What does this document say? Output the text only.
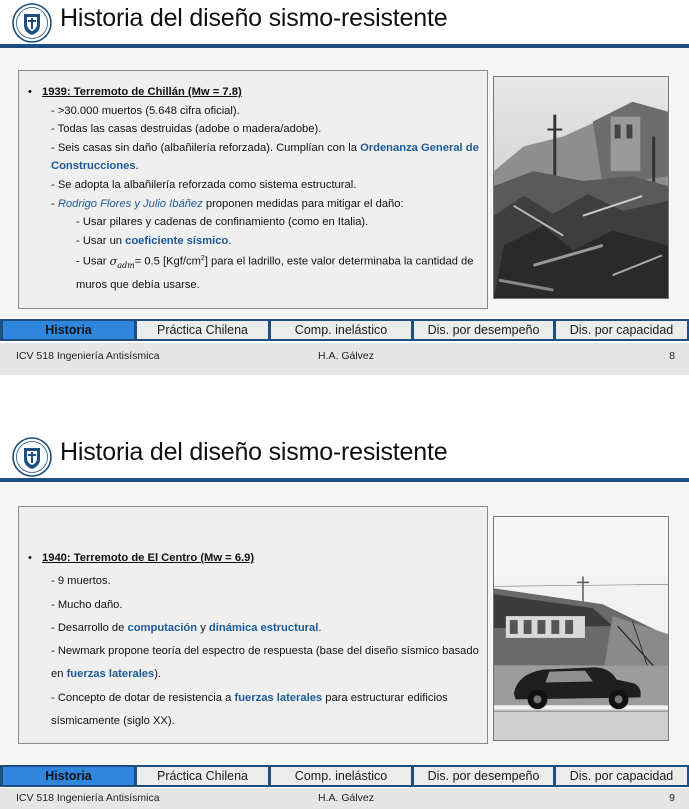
Historia del diseño sismo-resistente
• 1939: Terremoto de Chillán (Mw = 7.8)
- >30.000 muertos (5.648 cifra oficial).
- Todas las casas destruidas (adobe o madera/adobe).
- Seis casas sin daño (albañilería reforzada). Cumplían con la Ordenanza General de Construcciones.
- Se adopta la albañilería reforzada como sistema estructural.
- Rodrigo Flores y Julio Ibáñez proponen medidas para mitigar el daño:
- Usar pilares y cadenas de confinamiento (como en Italia).
- Usar un coeficiente sísmico.
- Usar $\sigma_{adm}= 0.5$ $[Kgf/cm^2]$ para el ladrillo, este valor determinaba la cantidad de muros que debía usarse.
Historia	Práctica Chilena	Comp. inelástico	Dis. por desempeño	Dis. por capacidad
ICV 518 Ingeniería Antisísmica	H.A. Gálvez	8
Historia del diseño sismo-resistente
• 1940: Terremoto de El Centro (Mw = 6.9)
- 9 muertos.
- Mucho daño.
- Desarrollo de computación y dinámica estructural.
- Newmark propone teoría del espectro de respuesta (base del diseño sísmico basado en fuerzas laterales).
- Concepto de dotar de resistencia a fuerzas laterales para estructurar edificios sísmicamente (siglo XX).
Historia	Práctica Chilena	Comp. inelástico	Dis. por desempeño	Dis. por capacidad
ICV 518 Ingeniería Antisísmica	H.A. Gálvez	9
